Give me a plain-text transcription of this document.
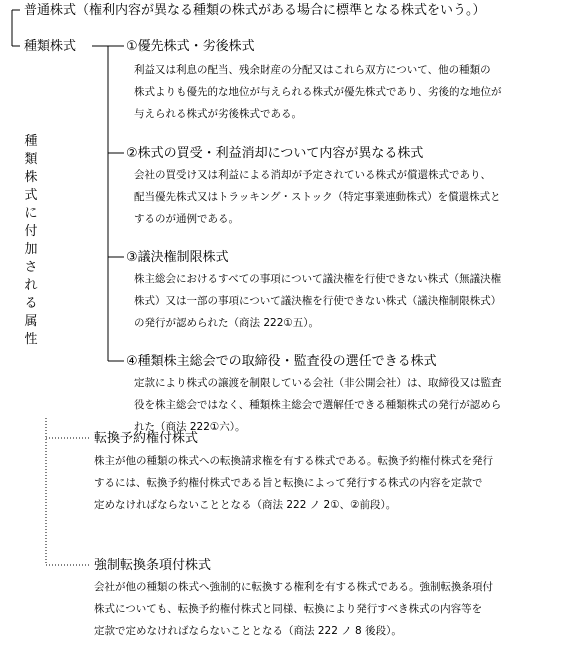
普通株式（権利内容が異なる種類の株式がある場合に標準となる株式をいう。）
種類株式
種
類
株
式
に
付
加
さ
れ
る
属
性
①優先株式・劣後株式
利益又は利息の配当、残余財産の分配又はこれら双方について、他の種類の
株式よりも優先的な地位が与えられる株式が優先株式であり、劣後的な地位が
与えられる株式が劣後株式である。
②株式の買受・利益消却について内容が異なる株式
会社の買受け又は利益による消却が予定されている株式が償還株式であり、
配当優先株式又はトラッキング・ストック（特定事業連動株式）を償還株式と
するのが通例である。
③議決権制限株式
株主総会におけるすべての事項について議決権を行使できない株式（無議決権
株式）又は一部の事項について議決権を行使できない株式（議決権制限株式）
の発行が認められた（商法 222①五）。
④種類株主総会での取締役・監査役の選任できる株式
定款により株式の譲渡を制限している会社（非公開会社）は、取締役又は監査
役を株主総会ではなく、種類株主総会で選解任できる種類株式の発行が認めら
れた（商法 222①六）。
転換予約権付株式
株主が他の種類の株式への転換請求権を有する株式である。転換予約権付株式を発行
するには、転換予約権付株式である旨と転換によって発行する株式の内容を定款で
定めなければならないこととなる（商法 222 ノ 2①、②前段）。
強制転換条項付株式
会社が他の種類の株式へ強制的に転換する権利を有する株式である。強制転換条項付
株式についても、転換予約権付株式と同様、転換により発行すべき株式の内容等を
定款で定めなければならないこととなる（商法 222 ノ 8 後段）。
